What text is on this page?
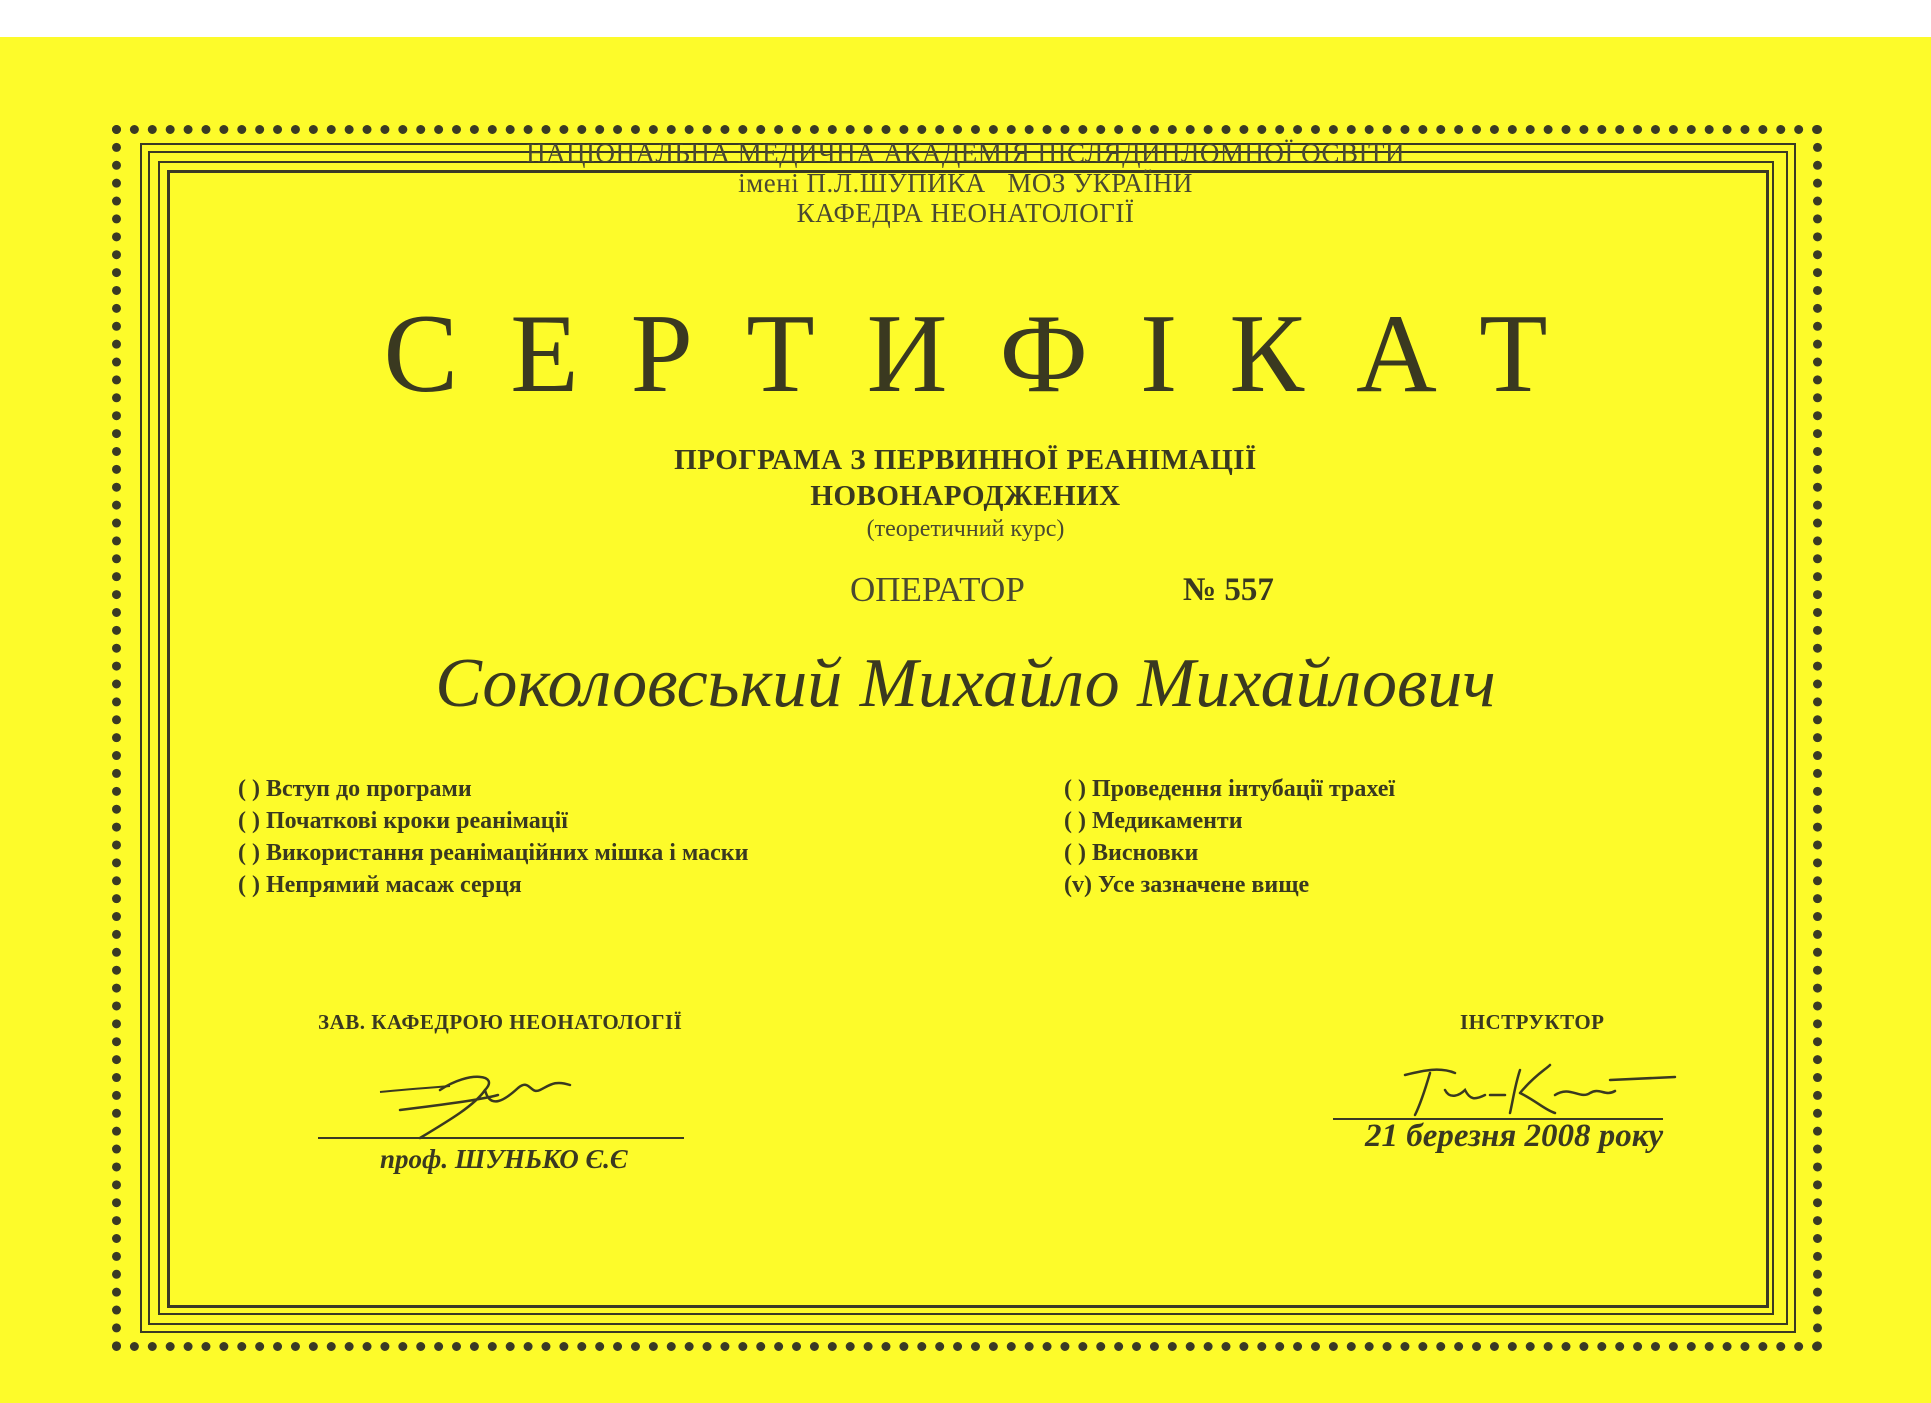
НАЦІОНАЛЬНА МЕДИЧНА АКАДЕМІЯ ПІСЛЯДИПЛОМНОЇ ОСВІТИ
імені П.Л.ШУПИКА   МОЗ УКРАЇНИ
КАФЕДРА НЕОНАТОЛОГІЇ
СЕРТИФІКАТ
ПРОГРАМА З ПЕРВИННОЇ РЕАНІМАЦІЇ
НОВОНАРОДЖЕНИХ
(теоретичний курс)
ОПЕРАТОР	№ 557
Соколовський Михайло Михайлович
( ) Вступ до програми
( ) Початкові кроки реанімації
( ) Використання реанімаційних мішка і маски
( ) Непрямий масаж серця
( ) Проведення інтубації трахеї
( ) Медикаменти
( ) Висновки
(v) Усе зазначене вище
ЗАВ. КАФЕДРОЮ НЕОНАТОЛОГІЇ	ІНСТРУКТОР
проф. ШУНЬКО Є.Є
21 березня 2008 року
